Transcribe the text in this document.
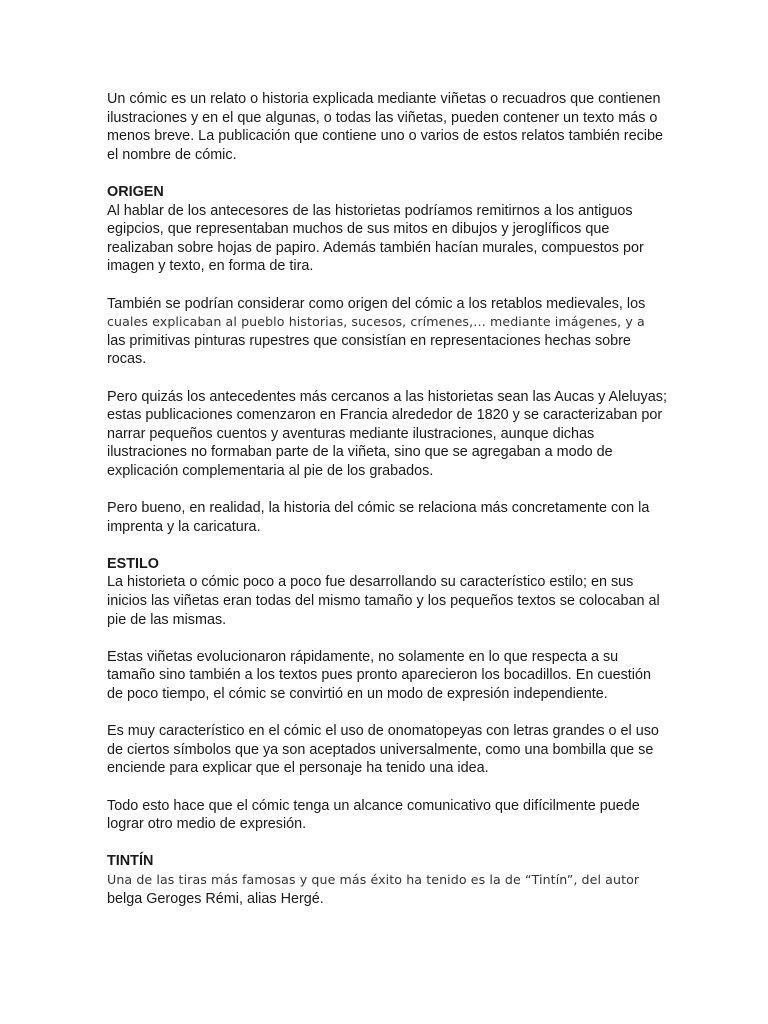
Un cómic es un relato o historia explicada mediante viñetas o recuadros que contienen ilustraciones y en el que algunas, o todas las viñetas, pueden contener un texto más o menos breve. La publicación que contiene uno o varios de estos relatos también recibe el nombre de cómic.

ORIGEN

Al hablar de los antecesores de las historietas podríamos remitirnos a los antiguos egipcios, que representaban muchos de sus mitos en dibujos y jeroglíficos que realizaban sobre hojas de papiro. Además también hacían murales, compuestos por imagen y texto, en forma de tira.

También se podrían considerar como origen del cómic a los retablos medievales, los cuales explicaban al pueblo historias, sucesos, crímenes,… mediante imágenes, y a las primitivas pinturas rupestres que consistían en representaciones hechas sobre rocas.

Pero quizás los antecedentes más cercanos a las historietas sean las Aucas y Aleluyas; estas publicaciones comenzaron en Francia alrededor de 1820 y se caracterizaban por narrar pequeños cuentos y aventuras mediante ilustraciones, aunque dichas ilustraciones no formaban parte de la viñeta, sino que se agregaban a modo de explicación complementaria al pie de los grabados.

Pero bueno, en realidad, la historia del cómic se relaciona más concretamente con la imprenta y la caricatura.

ESTILO

La historieta o cómic poco a poco fue desarrollando su característico estilo; en sus inicios las viñetas eran todas del mismo tamaño y los pequeños textos se colocaban al pie de las mismas.

Estas viñetas evolucionaron rápidamente, no solamente en lo que respecta a su tamaño sino también a los textos pues pronto aparecieron los bocadillos. En cuestión de poco tiempo, el cómic se convirtió en un modo de expresión independiente.

Es muy característico en el cómic el uso de onomatopeyas con letras grandes o el uso de ciertos símbolos que ya son aceptados universalmente, como una bombilla que se enciende para explicar que el personaje ha tenido una idea.

Todo esto hace que el cómic tenga un alcance comunicativo que difícilmente puede lograr otro medio de expresión.

TINTÍN

Una de las tiras más famosas y que más éxito ha tenido es la de “Tintín”, del autor belga Geroges Rémi, alias Hergé.
